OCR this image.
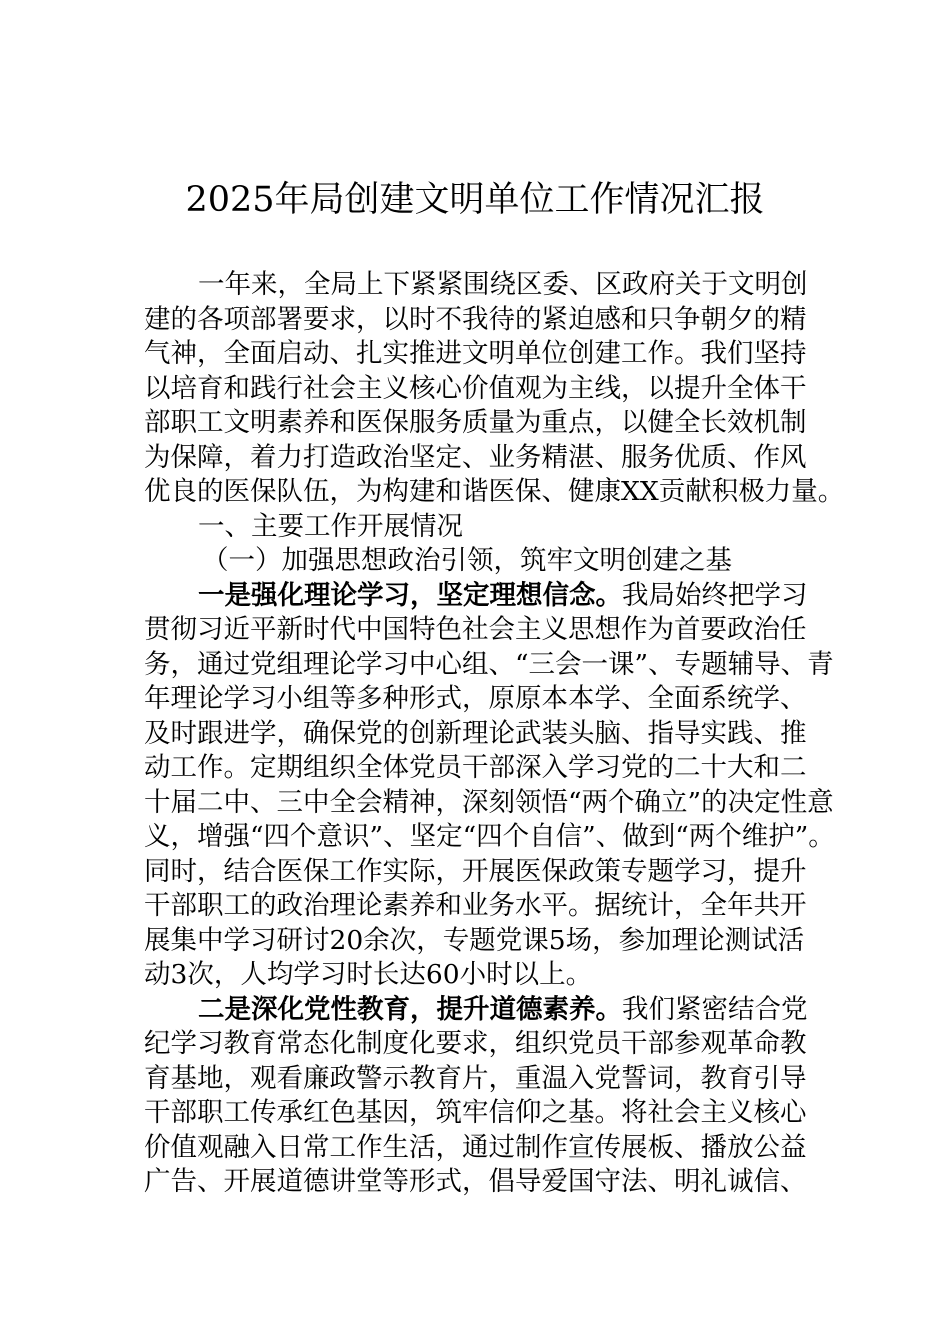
2025年局创建文明单位工作情况汇报
一年来，全局上下紧紧围绕区委、区政府关于文明创
建的各项部署要求，以时不我待的紧迫感和只争朝夕的精
气神，全面启动、扎实推进文明单位创建工作。我们坚持
以培育和践行社会主义核心价值观为主线，以提升全体干
部职工文明素养和医保服务质量为重点，以健全长效机制
为保障，着力打造政治坚定、业务精湛、服务优质、作风
优良的医保队伍，为构建和谐医保、健康XX贡献积极力量。
一、主要工作开展情况
（一）加强思想政治引领，筑牢文明创建之基
一是强化理论学习，坚定理想信念。我局始终把学习
贯彻习近平新时代中国特色社会主义思想作为首要政治任
务，通过党组理论学习中心组、“三会一课”、专题辅导、青
年理论学习小组等多种形式，原原本本学、全面系统学、
及时跟进学，确保党的创新理论武装头脑、指导实践、推
动工作。定期组织全体党员干部深入学习党的二十大和二
十届二中、三中全会精神，深刻领悟“两个确立”的决定性意
义，增强“四个意识”、坚定“四个自信”、做到“两个维护”。
同时，结合医保工作实际，开展医保政策专题学习，提升
干部职工的政治理论素养和业务水平。据统计，全年共开
展集中学习研讨20余次，专题党课5场，参加理论测试活
动3次，人均学习时长达60小时以上。
二是深化党性教育，提升道德素养。我们紧密结合党
纪学习教育常态化制度化要求，组织党员干部参观革命教
育基地，观看廉政警示教育片，重温入党誓词，教育引导
干部职工传承红色基因，筑牢信仰之基。将社会主义核心
价值观融入日常工作生活，通过制作宣传展板、播放公益
广告、开展道德讲堂等形式，倡导爱国守法、明礼诚信、
